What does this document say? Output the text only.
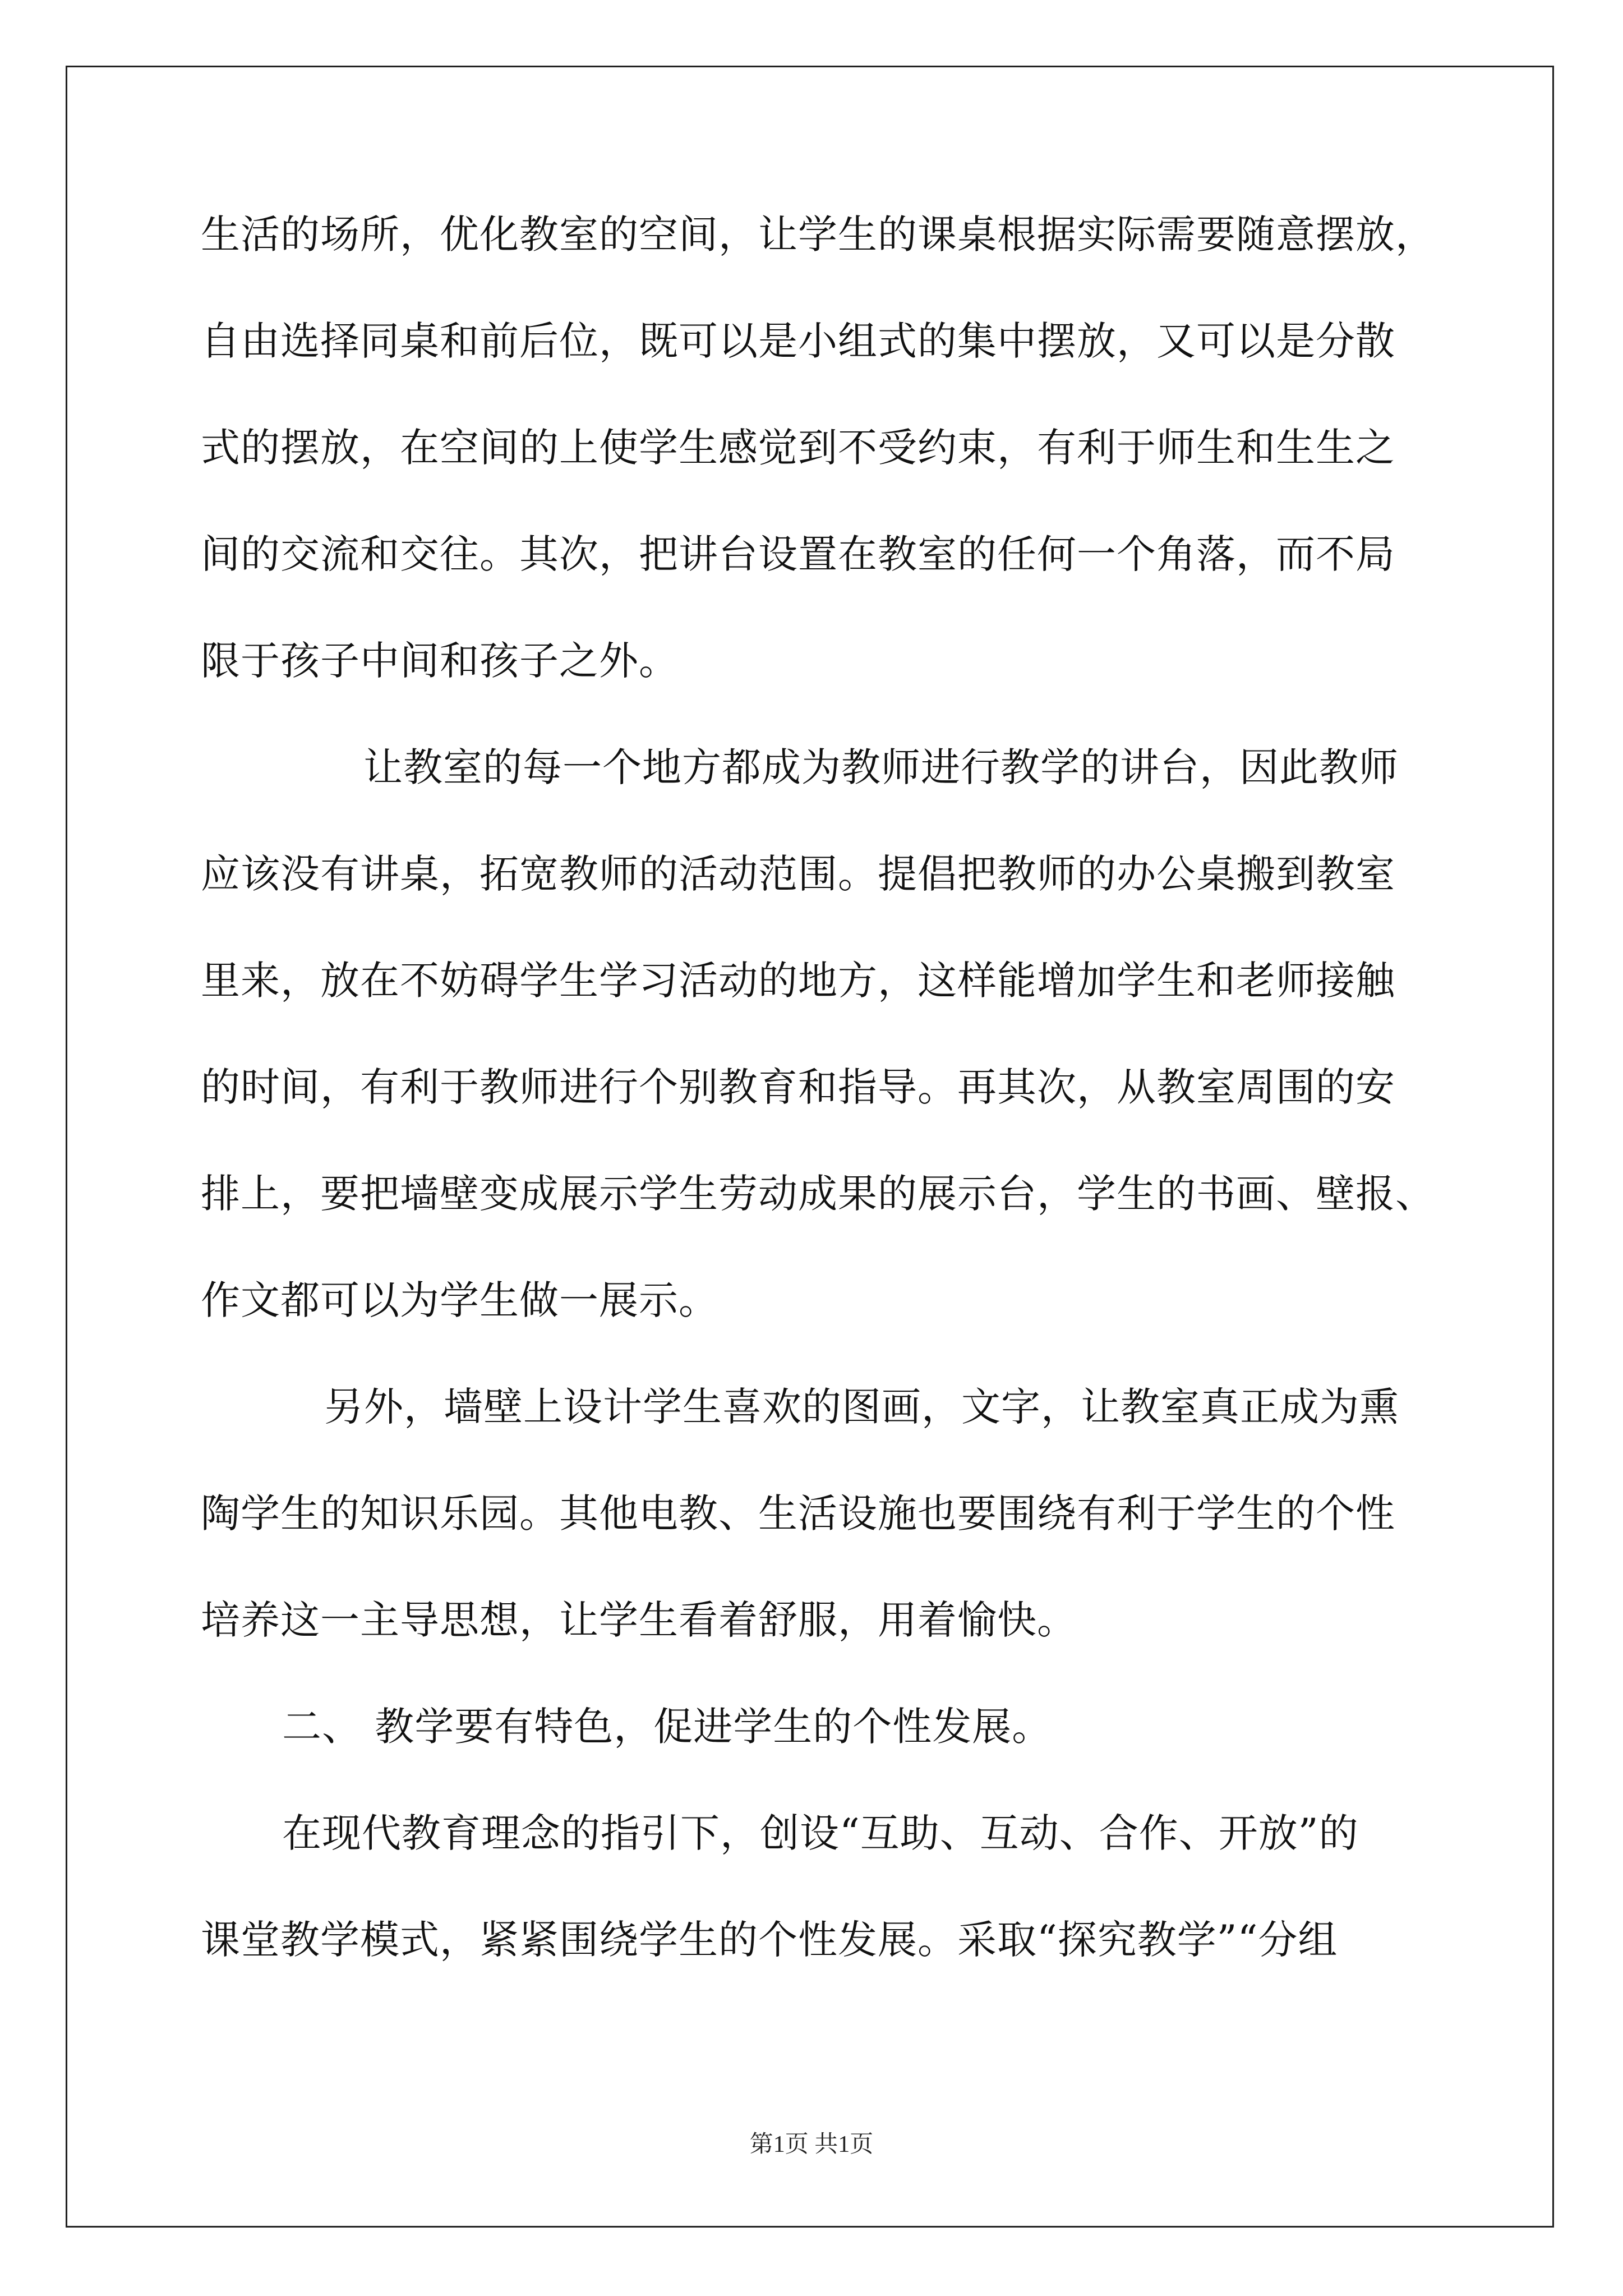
生活的场所，优化教室的空间，让学生的课桌根据实际需要随意摆放，
自由选择同桌和前后位，既可以是小组式的集中摆放，又可以是分散
式的摆放，在空间的上使学生感觉到不受约束，有利于师生和生生之
间的交流和交往。其次，把讲台设置在教室的任何一个角落，而不局
限于孩子中间和孩子之外。
让教室的每一个地方都成为教师进行教学的讲台，因此教师
应该没有讲桌，拓宽教师的活动范围。提倡把教师的办公桌搬到教室
里来，放在不妨碍学生学习活动的地方，这样能增加学生和老师接触
的时间，有利于教师进行个别教育和指导。再其次，从教室周围的安
排上，要把墙壁变成展示学生劳动成果的展示台，学生的书画、壁报、
作文都可以为学生做一展示。
另外，墙壁上设计学生喜欢的图画，文字，让教室真正成为熏
陶学生的知识乐园。其他电教、生活设施也要围绕有利于学生的个性
培养这一主导思想，让学生看着舒服，用着愉快。
二、 教学要有特色，促进学生的个性发展。
在现代教育理念的指引下，创设“互助、互动、合作、开放”的
课堂教学模式，紧紧围绕学生的个性发展。采取“探究教学”“分组
第1页 共1页
